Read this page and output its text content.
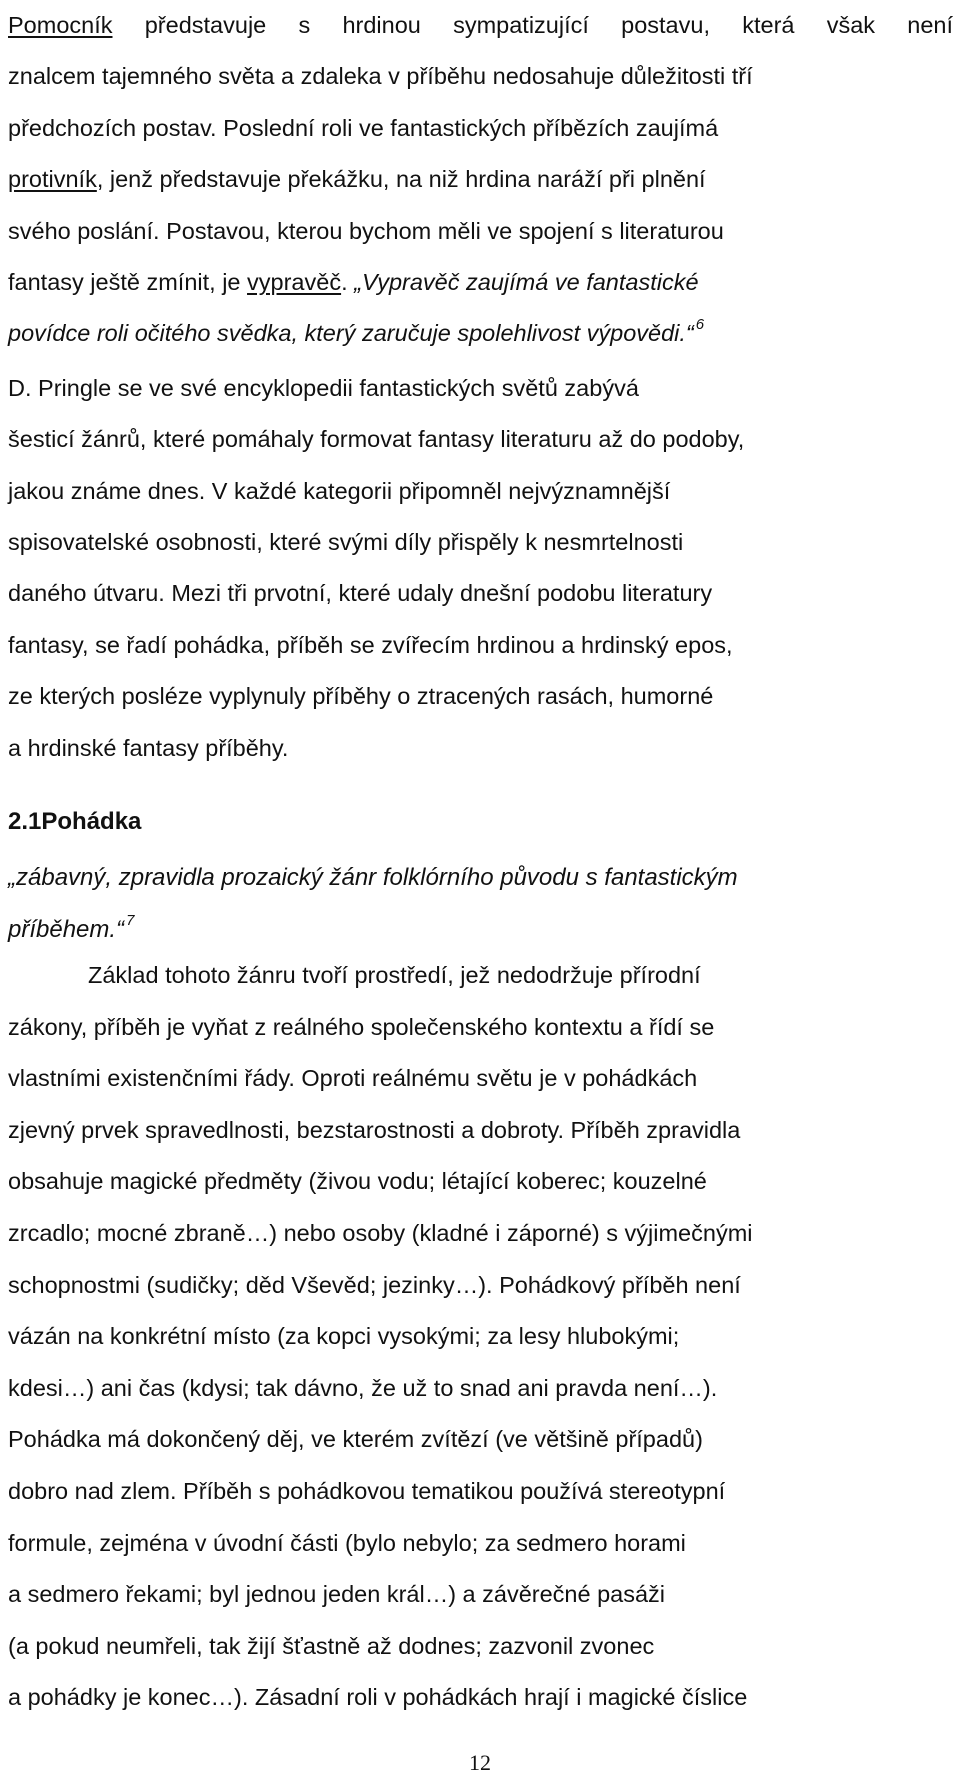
Pomocník představuje s hrdinou sympatizující postavu, která však není
znalcem tajemného světa a zdaleka v příběhu nedosahuje důležitosti tří
předchozích postav. Poslední roli ve fantastických příbězích zaujímá
protivník, jenž představuje překážku, na niž hrdina naráží při plnění
svého poslání. Postavou, kterou bychom měli ve spojení s literaturou
fantasy ještě zmínit, je vypravěč. „Vypravěč zaujímá ve fantastické
povídce roli očitého svědka, který zaručuje spolehlivost výpovědi.“ $^6$
D. Pringle se ve své encyklopedii fantastických světů zabývá
šesticí žánrů, které pomáhaly formovat fantasy literaturu až do podoby,
jakou známe dnes. V každé kategorii připomněl nejvýznamnější
spisovatelské osobnosti, které svými díly přispěly k nesmrtelnosti
daného útvaru. Mezi tři prvotní, které udaly dnešní podobu literatury
fantasy, se řadí pohádka, příběh se zvířecím hrdinou a hrdinský epos,
ze kterých posléze vyplynuly příběhy o ztracených rasách, humorné
a hrdinské fantasy příběhy.
2.1Pohádka
„zábavný, zpravidla prozaický žánr folklórního původu s fantastickým
příběhem.“ $^7$
Základ tohoto žánru tvoří prostředí, jež nedodržuje přírodní
zákony, příběh je vyňat z reálného společenského kontextu a řídí se
vlastními existenčními řády. Oproti reálnému světu je v pohádkách
zjevný prvek spravedlnosti, bezstarostnosti a dobroty. Příběh zpravidla
obsahuje magické předměty (živou vodu; létající koberec; kouzelné
zrcadlo; mocné zbraně…) nebo osoby (kladné i záporné) s výjimečnými
schopnostmi (sudičky; děd Vševěd; jezinky…). Pohádkový příběh není
vázán na konkrétní místo (za kopci vysokými; za lesy hlubokými;
kdesi…) ani čas (kdysi; tak dávno, že už to snad ani pravda není…).
Pohádka má dokončený děj, ve kterém zvítězí (ve většině případů)
dobro nad zlem. Příběh s pohádkovou tematikou používá stereotypní
formule, zejména v úvodní části (bylo nebylo; za sedmero horami
a sedmero řekami; byl jednou jeden král…) a závěrečné pasáži
(a pokud neumřeli, tak žijí šťastně až dodnes; zazvonil zvonec
a pohádky je konec…). Zásadní roli v pohádkách hrají i magické číslice
12
